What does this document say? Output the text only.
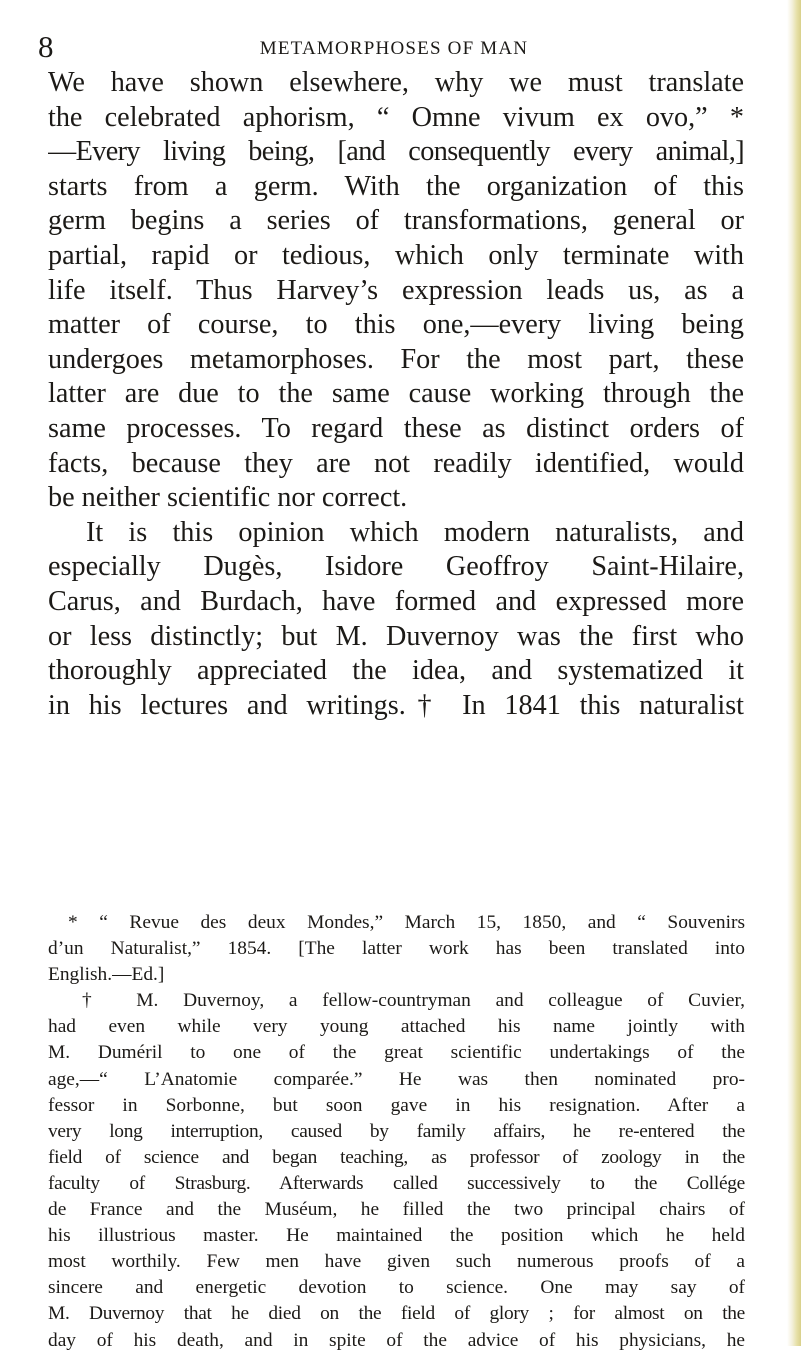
8	METAMORPHOSES OF MAN
We have shown elsewhere, why we must translate
the celebrated aphorism, “ Omne vivum ex ovo,” *
—Every living being, [and consequently every animal,]
starts from a germ. With the organization of this
germ begins a series of transformations, general or
partial, rapid or tedious, which only terminate with
life itself. Thus Harvey’s expression leads us, as a
matter of course, to this one,—every living being
undergoes metamorphoses. For the most part, these
latter are due to the same cause working through the
same processes. To regard these as distinct orders of
facts, because they are not readily identified, would
be neither scientific nor correct.
It is this opinion which modern naturalists, and
especially Dugès, Isidore Geoffroy Saint-Hilaire,
Carus, and Burdach, have formed and expressed more
or less distinctly; but M. Duvernoy was the first who
thoroughly appreciated the idea, and systematized it
in his lectures and writings.† In 1841 this naturalist
* “ Revue des deux Mondes,” March 15, 1850, and “ Souvenirs
d’un Naturalist,” 1854. [The latter work has been translated into
English.—Ed.]
† M. Duvernoy, a fellow-countryman and colleague of Cuvier,
had even while very young attached his name jointly with
M. Duméril to one of the great scientific undertakings of the
age,—“ L’Anatomie comparée.” He was then nominated pro-
fessor in Sorbonne, but soon gave in his resignation. After a
very long interruption, caused by family affairs, he re-entered the
field of science and began teaching, as professor of zoology in the
faculty of Strasburg. Afterwards called successively to the Collége
de France and the Muséum, he filled the two principal chairs of
his illustrious master. He maintained the position which he held
most worthily. Few men have given such numerous proofs of a
sincere and energetic devotion to science. One may say of
M. Duvernoy that he died on the field of glory ; for almost on the
day of his death, and in spite of the advice of his physicians, he
